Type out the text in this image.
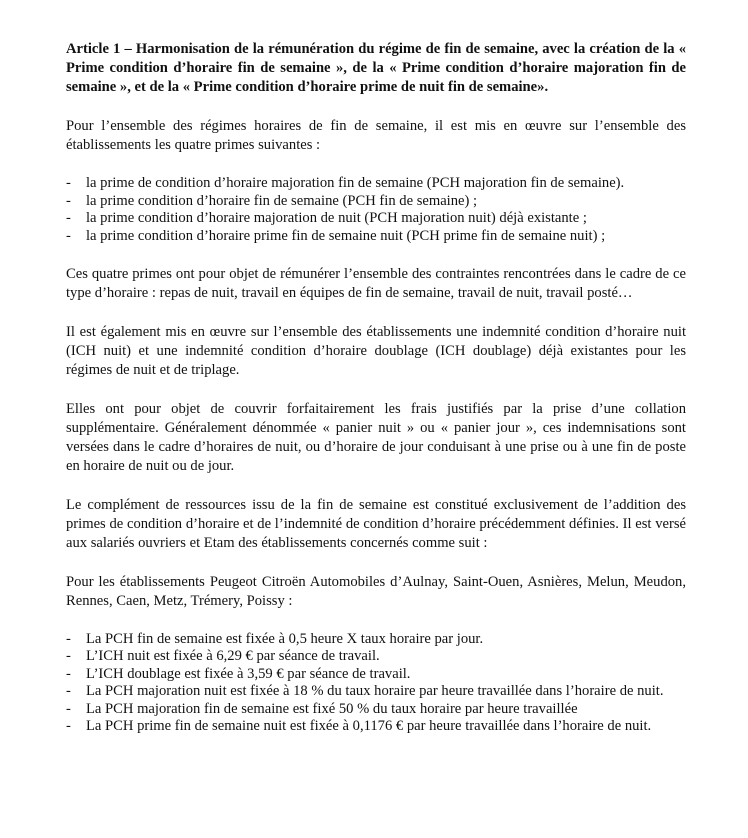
Article 1 – Harmonisation de la rémunération du régime de fin de semaine, avec la création de la « Prime condition d’horaire fin de semaine », de la « Prime condition d’horaire majoration fin de semaine », et de la « Prime condition d’horaire prime de nuit fin de semaine».

Pour l’ensemble des régimes horaires de fin de semaine, il est mis en œuvre sur l’ensemble des établissements les quatre primes suivantes :

-	la prime de condition d’horaire majoration fin de semaine (PCH majoration fin de semaine).
-	la prime condition d’horaire fin de semaine (PCH fin de semaine) ;
-	la prime condition d’horaire majoration de nuit (PCH majoration nuit) déjà existante ;
-	la prime condition d’horaire prime fin de semaine nuit (PCH prime fin de semaine nuit) ;

Ces quatre primes ont pour objet de rémunérer l’ensemble des contraintes rencontrées dans le cadre de ce type d’horaire : repas de nuit, travail en équipes de fin de semaine, travail de nuit, travail posté…

Il est également mis en œuvre sur l’ensemble des établissements une indemnité condition d’horaire nuit (ICH nuit) et une indemnité condition d’horaire doublage (ICH doublage) déjà existantes pour les régimes de nuit et de triplage.

Elles ont pour objet de couvrir forfaitairement les frais justifiés par la prise d’une collation supplémentaire. Généralement dénommée « panier nuit » ou « panier jour », ces indemnisations sont versées dans le cadre d’horaires de nuit, ou d’horaire de jour conduisant à une prise ou à une fin de poste en horaire de nuit ou de jour.

Le complément de ressources issu de la fin de semaine est constitué exclusivement de l’addition des primes de condition d’horaire et de l’indemnité de condition d’horaire précédemment définies. Il est versé aux salariés ouvriers et Etam des établissements concernés comme suit :

Pour les établissements Peugeot Citroën Automobiles d’Aulnay, Saint-Ouen, Asnières, Melun, Meudon, Rennes, Caen, Metz, Trémery, Poissy :

-	La PCH fin de semaine est fixée à 0,5 heure X taux horaire par jour.
-	L’ICH nuit est fixée à 6,29 € par séance de travail.
-	L’ICH doublage est fixée à 3,59 € par séance de travail.
-	La PCH majoration nuit est fixée à 18 % du taux horaire par heure travaillée dans l’horaire de nuit.
-	La PCH majoration fin de semaine est fixé 50 % du taux horaire par heure travaillée
-	La PCH prime fin de semaine nuit est fixée à 0,1176 € par heure travaillée dans l’horaire de nuit.
